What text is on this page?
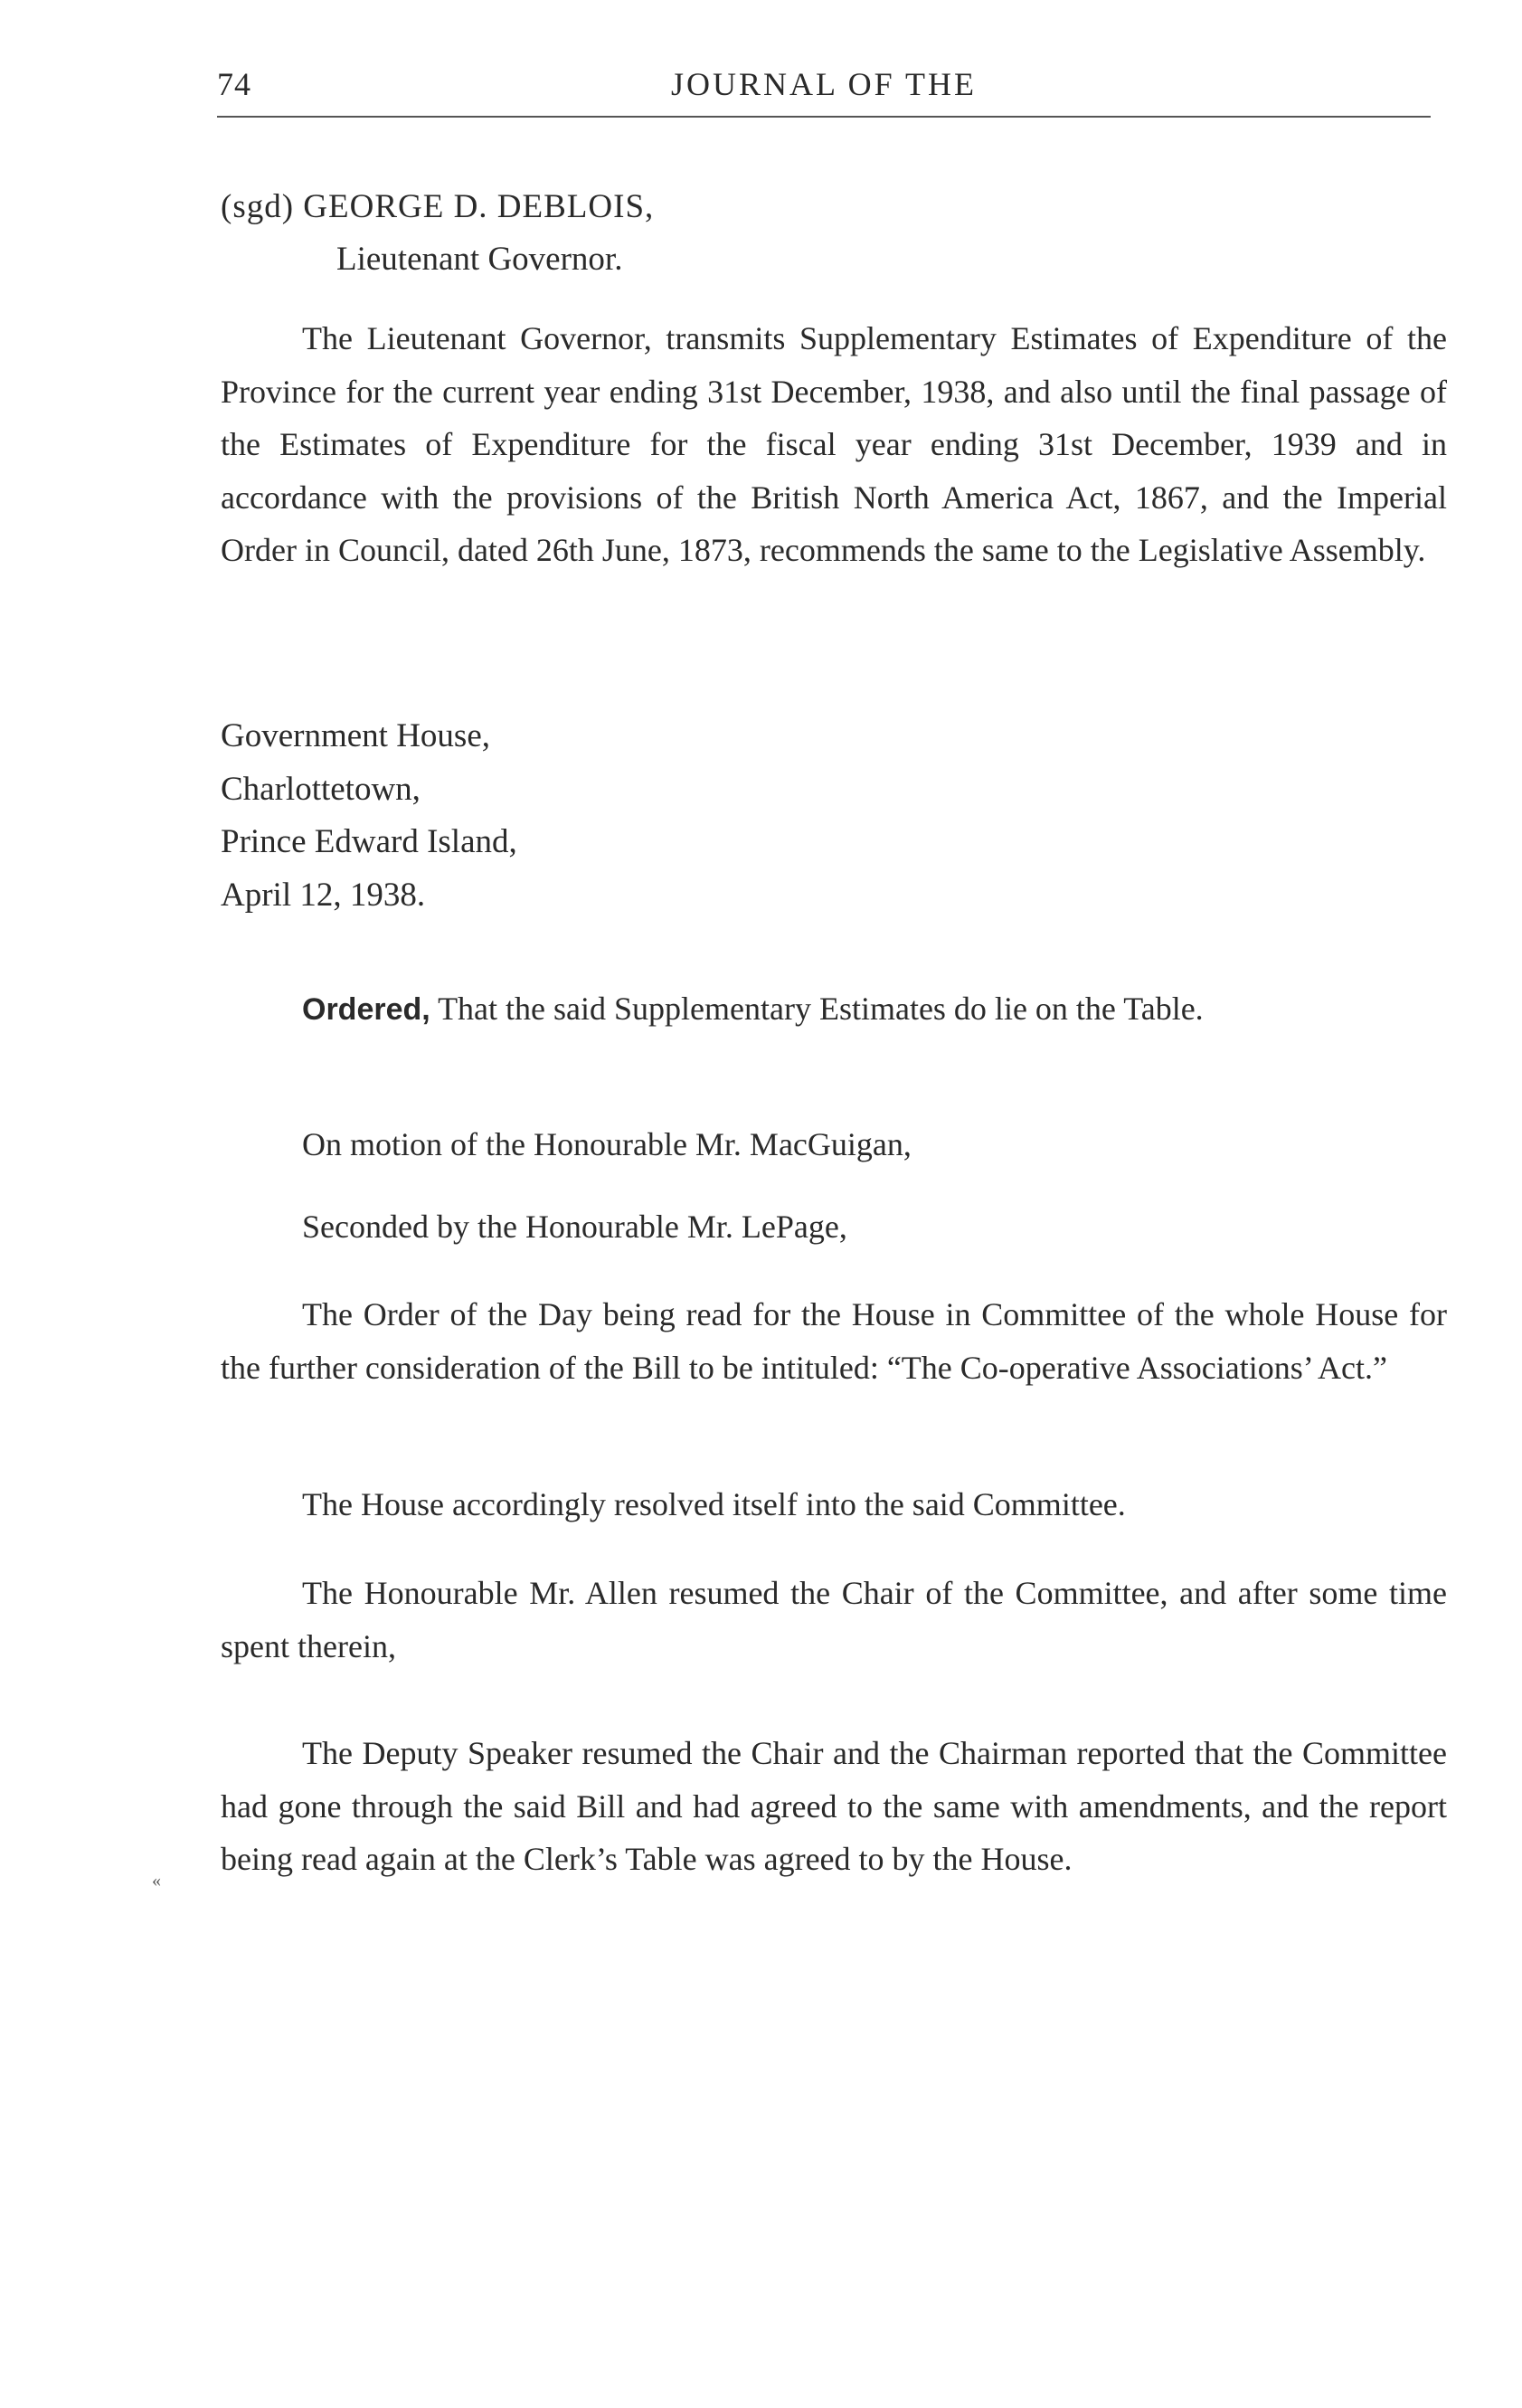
74	JOURNAL OF THE
(sgd) GEORGE D. DEBLOIS,
Lieutenant Governor.

The Lieutenant Governor, transmits Supplementary Estimates of Expenditure of the Province for the current year ending 31st December, 1938, and also until the final passage of the Estimates of Expenditure for the fiscal year ending 31st December, 1939 and in accordance with the provisions of the British North America Act, 1867, and the Imperial Order in Council, dated 26th June, 1873, recommends the same to the Legislative Assembly.

Government House,
Charlottetown,
Prince Edward Island,
April 12, 1938.

Ordered, That the said Supplementary Estimates do lie on the Table.

On motion of the Honourable Mr. MacGuigan,

Seconded by the Honourable Mr. LePage,

The Order of the Day being read for the House in Committee of the whole House for the further consideration of the Bill to be intituled: “The Co-operative Associations’ Act.”

The House accordingly resolved itself into the said Committee.

The Honourable Mr. Allen resumed the Chair of the Committee, and after some time spent therein,

The Deputy Speaker resumed the Chair and the Chairman reported that the Committee had gone through the said Bill and had agreed to the same with amendments, and the report being read again at the Clerk’s Table was agreed to by the House.

«
